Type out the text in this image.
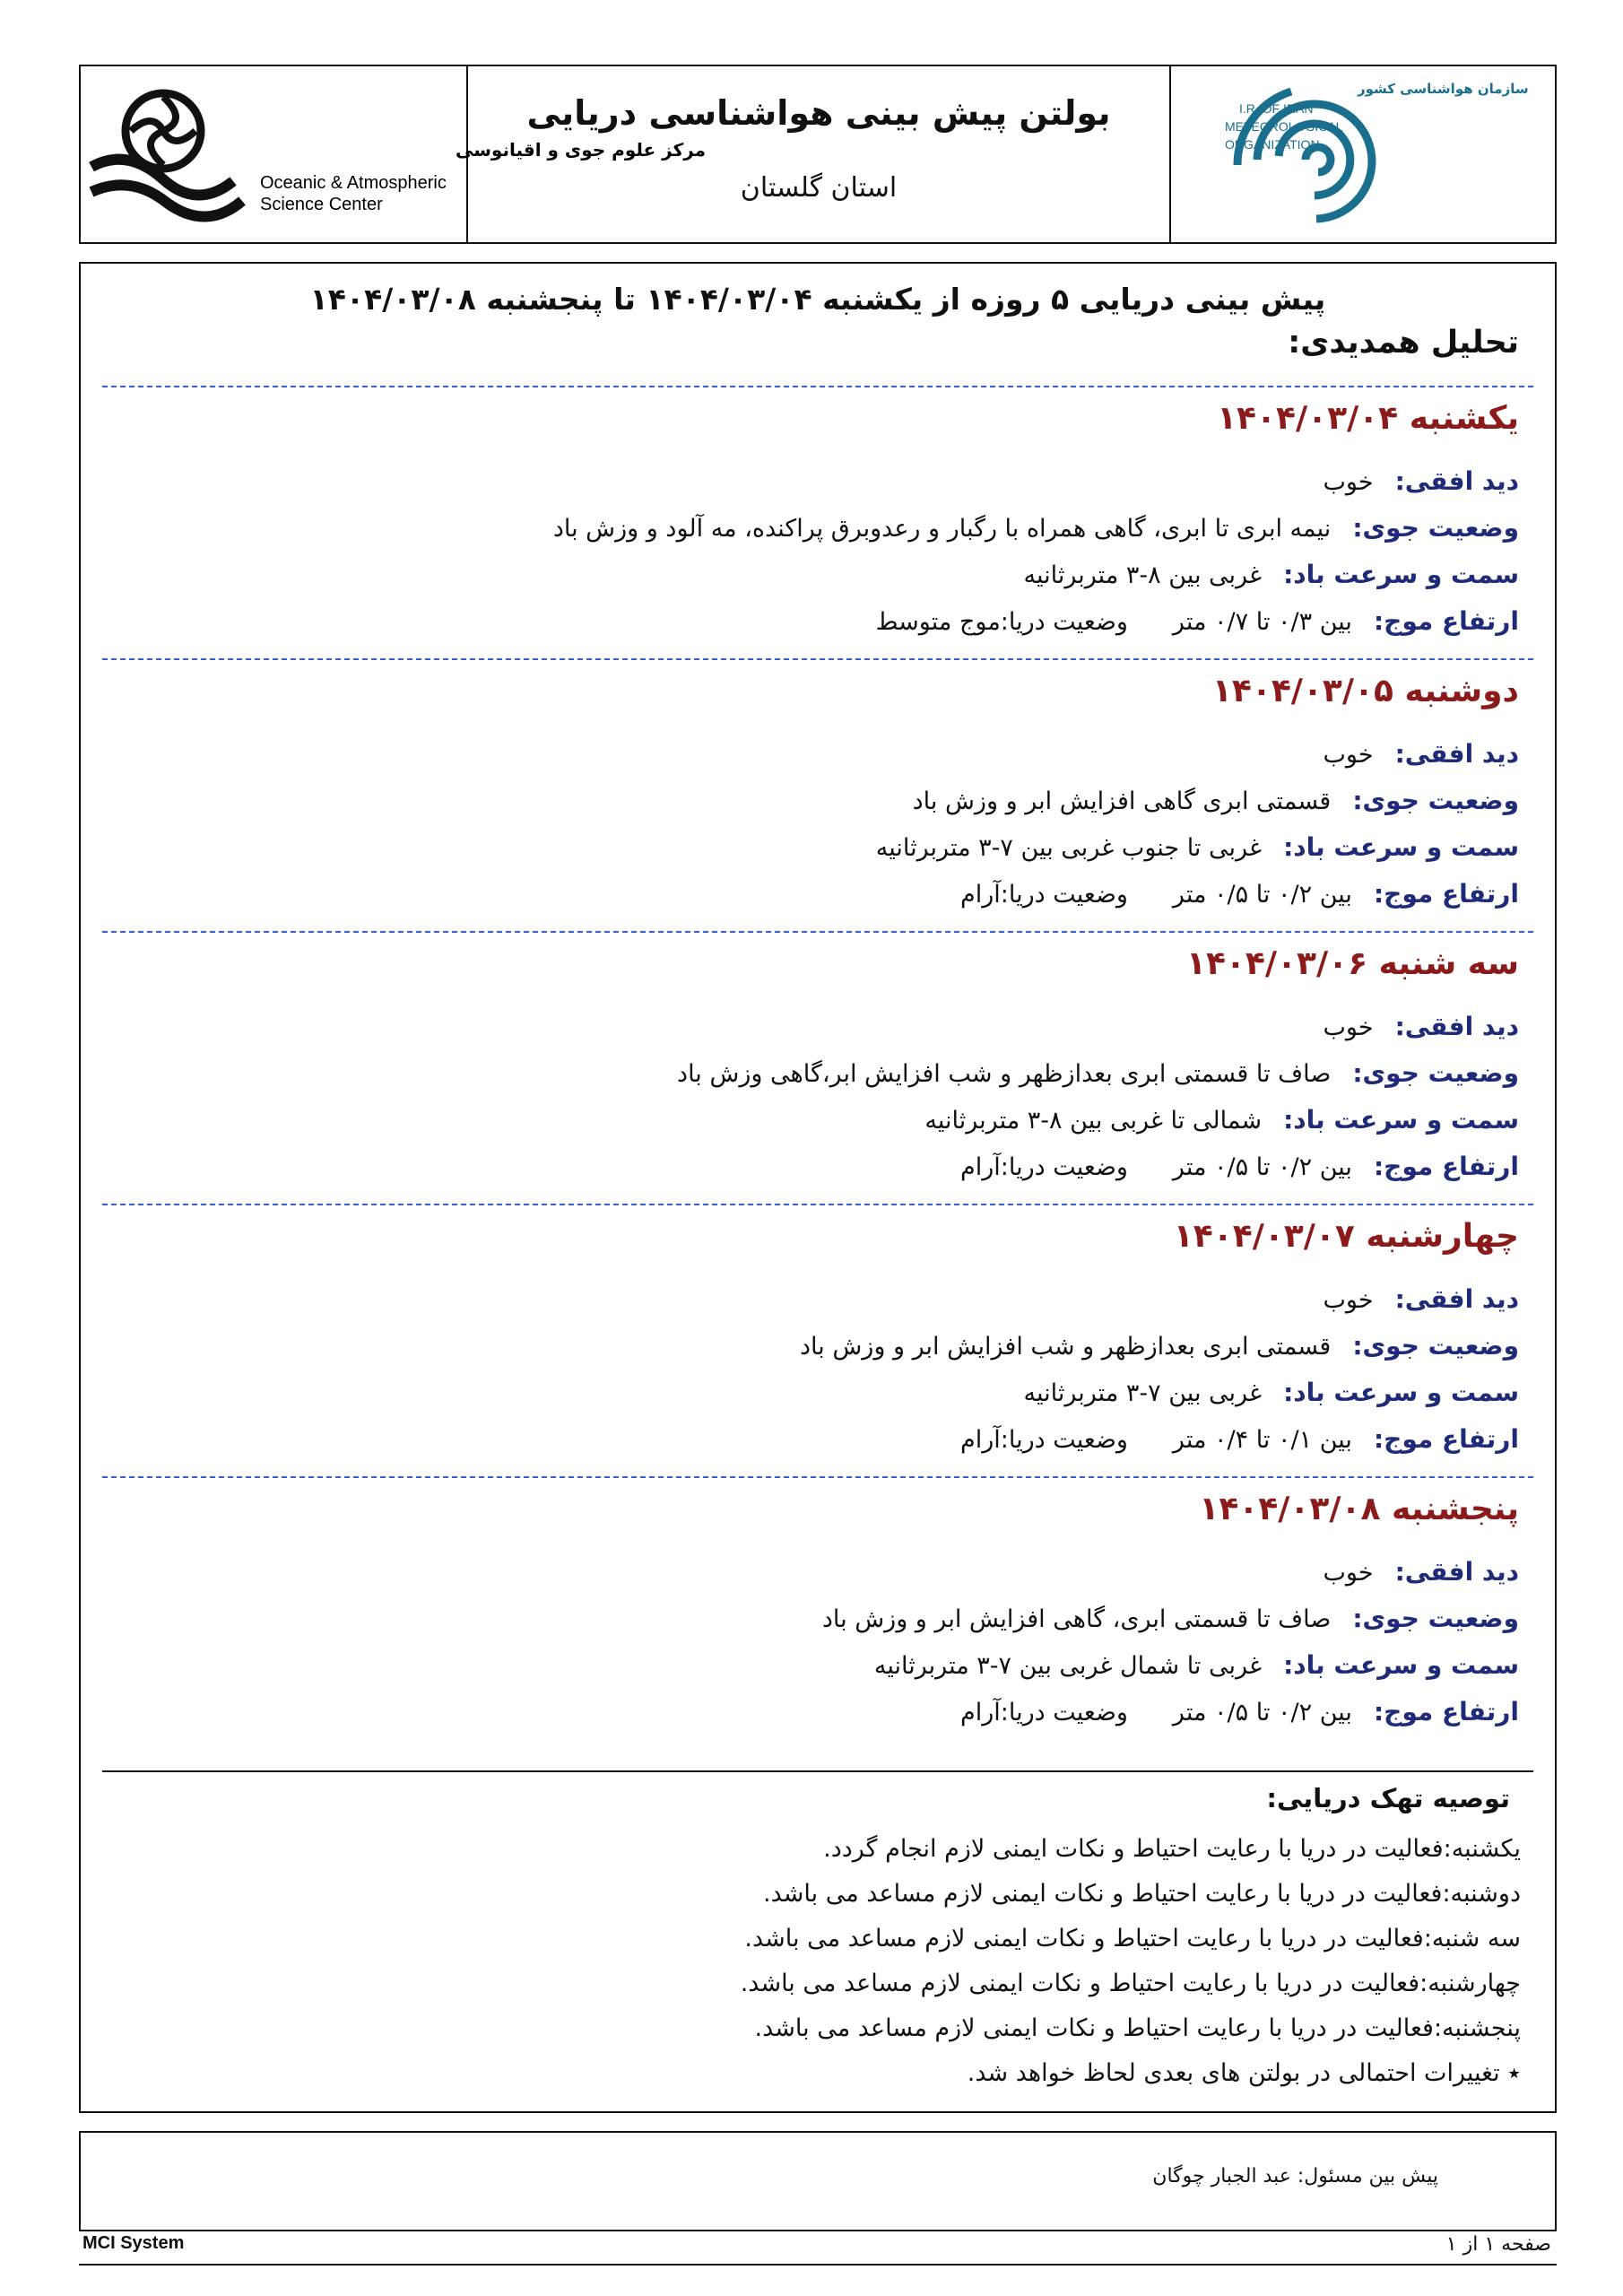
مرکز علوم جوی و اقیانوسی
Oceanic & Atmospheric
Science Center
بولتن پیش بینی هواشناسی دریایی
استان گلستان
سازمان هواشناسی کشور
I.R. OF IRAN
METEOROLOGICAL
ORGANIZATION
پیش بینی دریایی ۵ روزه از یکشنبه ۱۴۰۴/۰۳/۰۴ تا پنجشنبه ۱۴۰۴/۰۳/۰۸
تحلیل همدیدی:
یکشنبه ۱۴۰۴/۰۳/۰۴
دید افقی:خوب
وضعیت جوی:نیمه ابری تا ابری، گاهی همراه با رگبار و رعدوبرق پراکنده، مه آلود و وزش باد
سمت و سرعت باد:غربی بین ۸-۳ متربرثانیه
ارتفاع موج:بین ۰/۳ تا ۰/۷ متروضعیت دریا:موج متوسط
دوشنبه ۱۴۰۴/۰۳/۰۵
دید افقی:خوب
وضعیت جوی:قسمتی ابری گاهی افزایش ابر و وزش باد
سمت و سرعت باد:غربی تا جنوب غربی بین ۷-۳ متربرثانیه
ارتفاع موج:بین ۰/۲ تا ۰/۵ متروضعیت دریا:آرام
سه شنبه ۱۴۰۴/۰۳/۰۶
دید افقی:خوب
وضعیت جوی:صاف تا قسمتی ابری بعدازظهر و شب افزایش ابر،گاهی وزش باد
سمت و سرعت باد:شمالی تا غربی بین ۸-۳ متربرثانیه
ارتفاع موج:بین ۰/۲ تا ۰/۵ متروضعیت دریا:آرام
چهارشنبه ۱۴۰۴/۰۳/۰۷
دید افقی:خوب
وضعیت جوی:قسمتی ابری بعدازظهر و شب افزایش ابر و وزش باد
سمت و سرعت باد:غربی بین ۷-۳ متربرثانیه
ارتفاع موج:بین ۰/۱ تا ۰/۴ متروضعیت دریا:آرام
پنجشنبه ۱۴۰۴/۰۳/۰۸
دید افقی:خوب
وضعیت جوی:صاف تا قسمتی ابری، گاهی افزایش ابر و وزش باد
سمت و سرعت باد:غربی تا شمال غربی بین ۷-۳ متربرثانیه
ارتفاع موج:بین ۰/۲ تا ۰/۵ متروضعیت دریا:آرام
توصیه تهک دریایی:
یکشنبه:فعالیت در دریا با رعایت احتیاط و نکات ایمنی لازم انجام گردد.
دوشنبه:فعالیت در دریا با رعایت احتیاط و نکات ایمنی لازم مساعد می باشد.
سه شنبه:فعالیت در دریا با رعایت احتیاط و نکات ایمنی لازم مساعد می باشد.
چهارشنبه:فعالیت در دریا با رعایت احتیاط و نکات ایمنی لازم مساعد می باشد.
پنجشنبه:فعالیت در دریا با رعایت احتیاط و نکات ایمنی لازم مساعد می باشد.
٭ تغییرات احتمالی در بولتن های بعدی لحاظ خواهد شد.
پیش بین مسئول: عبد الجبار چوگان
MCI System	صفحه ۱ از ۱
